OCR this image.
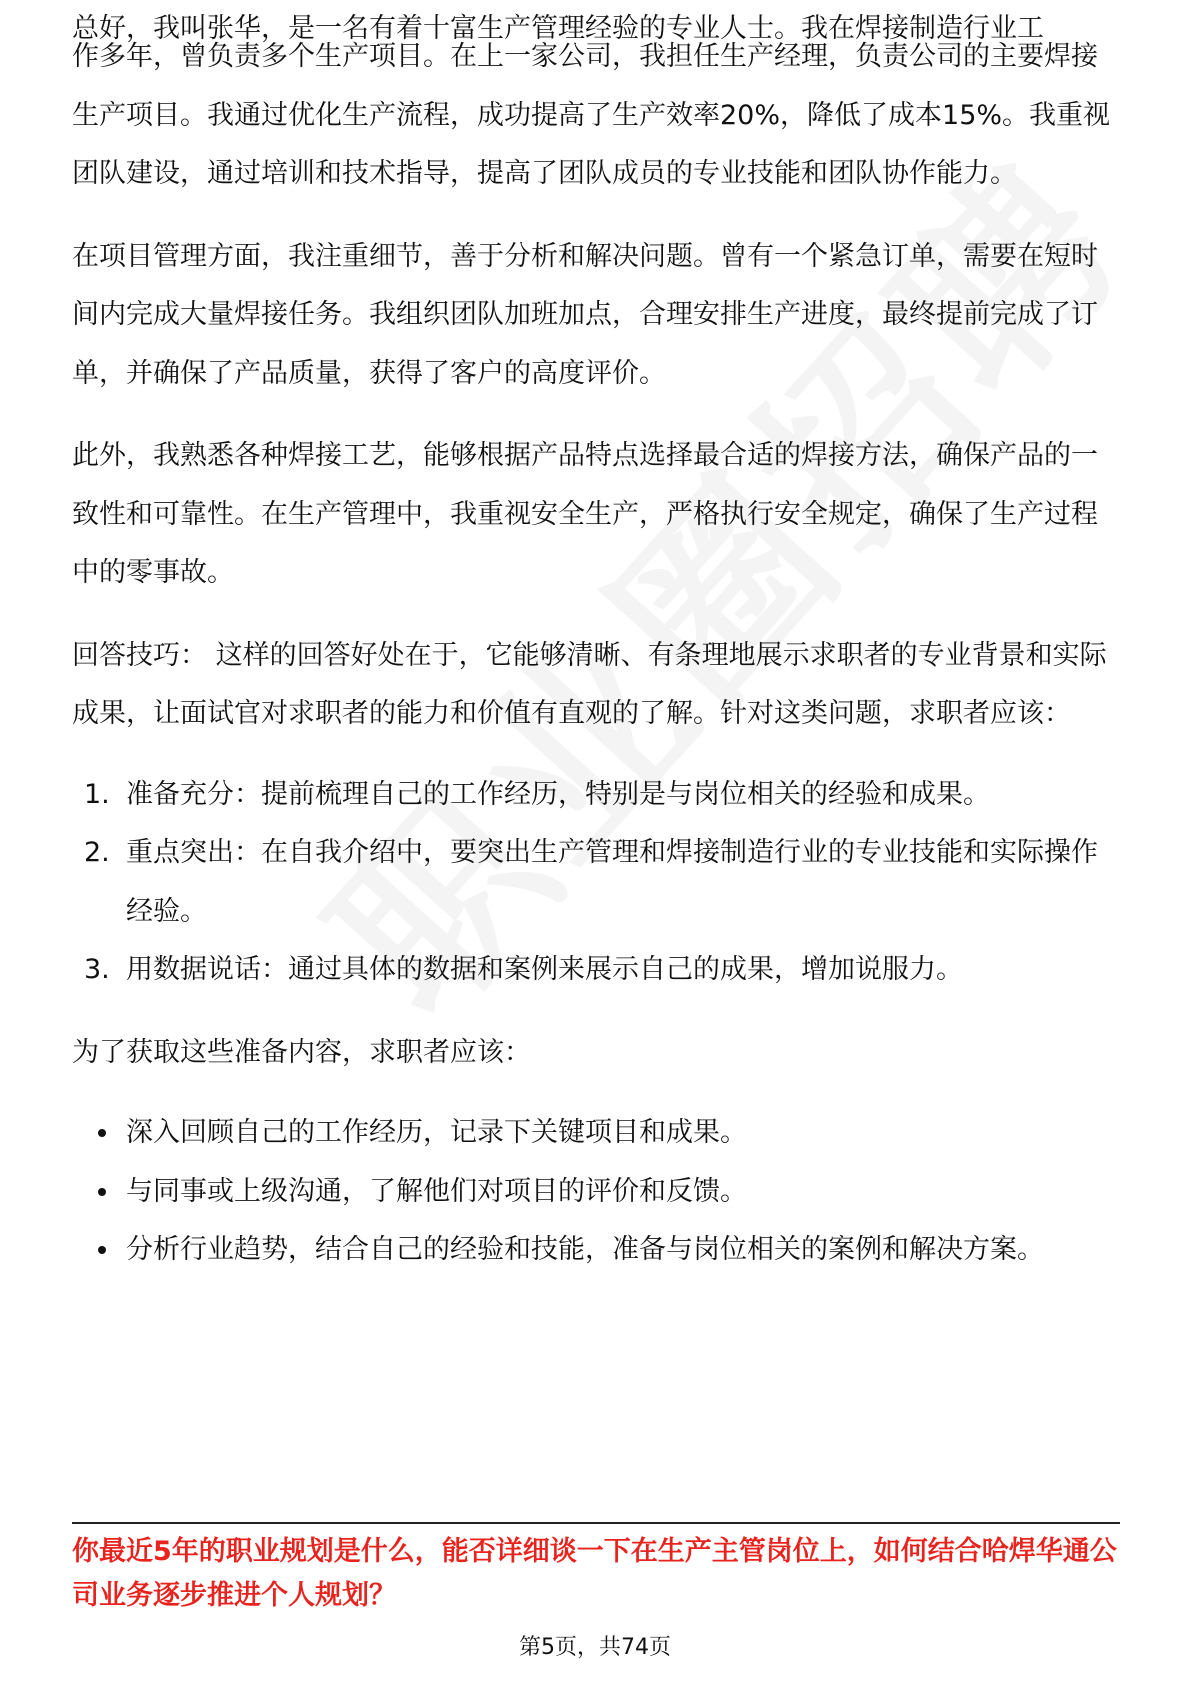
总好，我叫张华，是一名有着十富生产管理经验的专业人士。我在焊接制造行业工

作多年，曾负责多个生产项目。在上一家公司，我担任生产经理，负责公司的主要焊接生产项目。我通过优化生产流程，成功提高了生产效率20%，降低了成本15%。我重视团队建设，通过培训和技术指导，提高了团队成员的专业技能和团队协作能力。

在项目管理方面，我注重细节，善于分析和解决问题。曾有一个紧急订单，需要在短时间内完成大量焊接任务。我组织团队加班加点，合理安排生产进度，最终提前完成了订单，并确保了产品质量，获得了客户的高度评价。

此外，我熟悉各种焊接工艺，能够根据产品特点选择最合适的焊接方法，确保产品的一致性和可靠性。在生产管理中，我重视安全生产，严格执行安全规定，确保了生产过程中的零事故。

回答技巧： 这样的回答好处在于，它能够清晰、有条理地展示求职者的专业背景和实际成果，让面试官对求职者的能力和价值有直观的了解。针对这类问题，求职者应该：

1. 准备充分：提前梳理自己的工作经历，特别是与岗位相关的经验和成果。
2. 重点突出：在自我介绍中，要突出生产管理和焊接制造行业的专业技能和实际操作经验。
3. 用数据说话：通过具体的数据和案例来展示自己的成果，增加说服力。

为了获取这些准备内容，求职者应该：

深入回顾自己的工作经历，记录下关键项目和成果。
与同事或上级沟通，了解他们对项目的评价和反馈。
分析行业趋势，结合自己的经验和技能，准备与岗位相关的案例和解决方案。
你最近5年的职业规划是什么，能否详细谈一下在生产主管岗位上，如何结合哈焊华通公司业务逐步推进个人规划？
第5页，共74页
